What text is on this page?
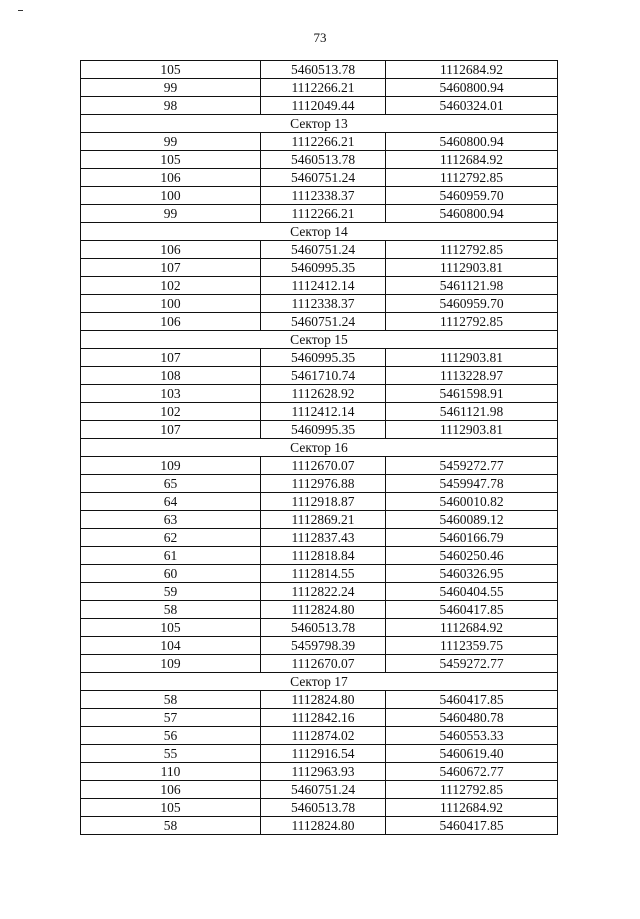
73
105	5460513.78	1112684.92
99	1112266.21	5460800.94
98	1112049.44	5460324.01
Сектор 13		
99	1112266.21	5460800.94
105	5460513.78	1112684.92
106	5460751.24	1112792.85
100	1112338.37	5460959.70
99	1112266.21	5460800.94
Сектор 14		
106	5460751.24	1112792.85
107	5460995.35	1112903.81
102	1112412.14	5461121.98
100	1112338.37	5460959.70
106	5460751.24	1112792.85
Сектор 15		
107	5460995.35	1112903.81
108	5461710.74	1113228.97
103	1112628.92	5461598.91
102	1112412.14	5461121.98
107	5460995.35	1112903.81
Сектор 16		
109	1112670.07	5459272.77
65	1112976.88	5459947.78
64	1112918.87	5460010.82
63	1112869.21	5460089.12
62	1112837.43	5460166.79
61	1112818.84	5460250.46
60	1112814.55	5460326.95
59	1112822.24	5460404.55
58	1112824.80	5460417.85
105	5460513.78	1112684.92
104	5459798.39	1112359.75
109	1112670.07	5459272.77
Сектор 17		
58	1112824.80	5460417.85
57	1112842.16	5460480.78
56	1112874.02	5460553.33
55	1112916.54	5460619.40
110	1112963.93	5460672.77
106	5460751.24	1112792.85
105	5460513.78	1112684.92
58	1112824.80	5460417.85
